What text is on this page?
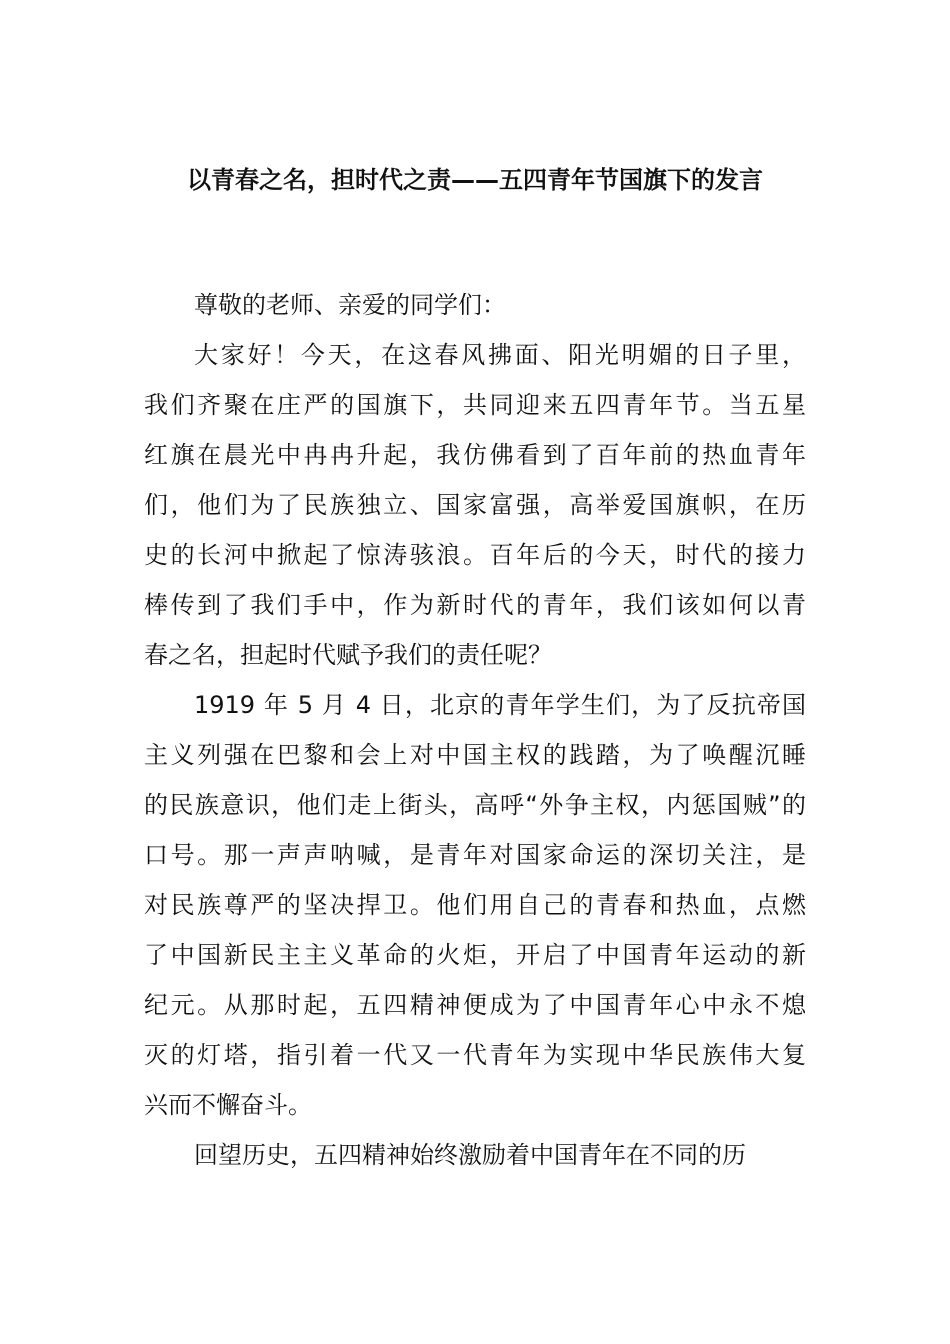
以青春之名，担时代之责——五四青年节国旗下的发言

尊敬的老师、亲爱的同学们：

大家好！今天，在这春风拂面、阳光明媚的日子里，
我们齐聚在庄严的国旗下，共同迎来五四青年节。当五星
红旗在晨光中冉冉升起，我仿佛看到了百年前的热血青年
们，他们为了民族独立、国家富强，高举爱国旗帜，在历
史的长河中掀起了惊涛骇浪。百年后的今天，时代的接力
棒传到了我们手中，作为新时代的青年，我们该如何以青
春之名，担起时代赋予我们的责任呢？
1919 年 5 月 4 日，北京的青年学生们，为了反抗帝国
主义列强在巴黎和会上对中国主权的践踏，为了唤醒沉睡
的民族意识，他们走上街头，高呼“外争主权，内惩国贼”的
口号。那一声声呐喊，是青年对国家命运的深切关注，是
对民族尊严的坚决捍卫。他们用自己的青春和热血，点燃
了中国新民主主义革命的火炬，开启了中国青年运动的新
纪元。从那时起，五四精神便成为了中国青年心中永不熄
灭的灯塔，指引着一代又一代青年为实现中华民族伟大复
兴而不懈奋斗。
回望历史，五四精神始终激励着中国青年在不同的历
